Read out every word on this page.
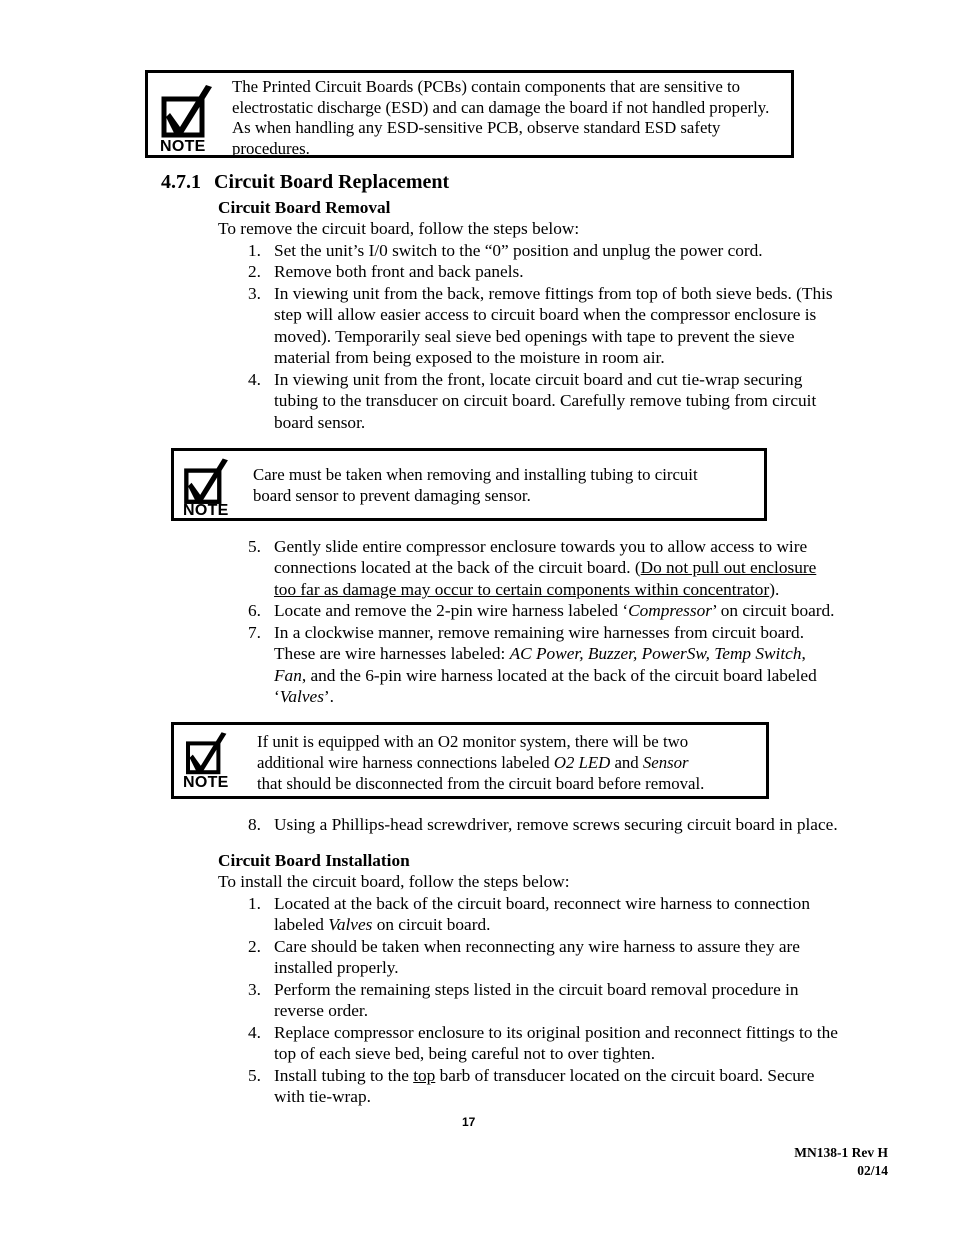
NOTE
The Printed Circuit Boards (PCBs) contain components that are sensitive to
electrostatic discharge (ESD) and can damage the board if not handled properly.
As when handling any ESD-sensitive PCB, observe standard ESD safety
procedures.
4.7.1 Circuit Board Replacement
Circuit Board Removal
To remove the circuit board, follow the steps below:
1. Set the unit’s I/0 switch to the “0” position and unplug the power cord.
2. Remove both front and back panels.
3. In viewing unit from the back, remove fittings from top of both sieve beds. (This
step will allow easier access to circuit board when the compressor enclosure is
moved). Temporarily seal sieve bed openings with tape to prevent the sieve
material from being exposed to the moisture in room air.
4. In viewing unit from the front, locate circuit board and cut tie-wrap securing
tubing to the transducer on circuit board. Carefully remove tubing from circuit
board sensor.
NOTE
Care must be taken when removing and installing tubing to circuit
board sensor to prevent damaging sensor.
5. Gently slide entire compressor enclosure towards you to allow access to wire
connections located at the back of the circuit board. (Do not pull out enclosure
too far as damage may occur to certain components within concentrator).
6. Locate and remove the 2-pin wire harness labeled ‘Compressor’ on circuit board.
7. In a clockwise manner, remove remaining wire harnesses from circuit board.
These are wire harnesses labeled: AC Power, Buzzer, PowerSw, Temp Switch,
Fan, and the 6-pin wire harness located at the back of the circuit board labeled
‘Valves’.
NOTE
If unit is equipped with an O2 monitor system, there will be two
additional wire harness connections labeled O2 LED and Sensor
that should be disconnected from the circuit board before removal.
8. Using a Phillips-head screwdriver, remove screws securing circuit board in place.
Circuit Board Installation
To install the circuit board, follow the steps below:
1. Located at the back of the circuit board, reconnect wire harness to connection
labeled Valves on circuit board.
2. Care should be taken when reconnecting any wire harness to assure they are
installed properly.
3. Perform the remaining steps listed in the circuit board removal procedure in
reverse order.
4. Replace compressor enclosure to its original position and reconnect fittings to the
top of each sieve bed, being careful not to over tighten.
5. Install tubing to the top barb of transducer located on the circuit board. Secure
with tie-wrap.
17
MN138-1 Rev H
02/14
